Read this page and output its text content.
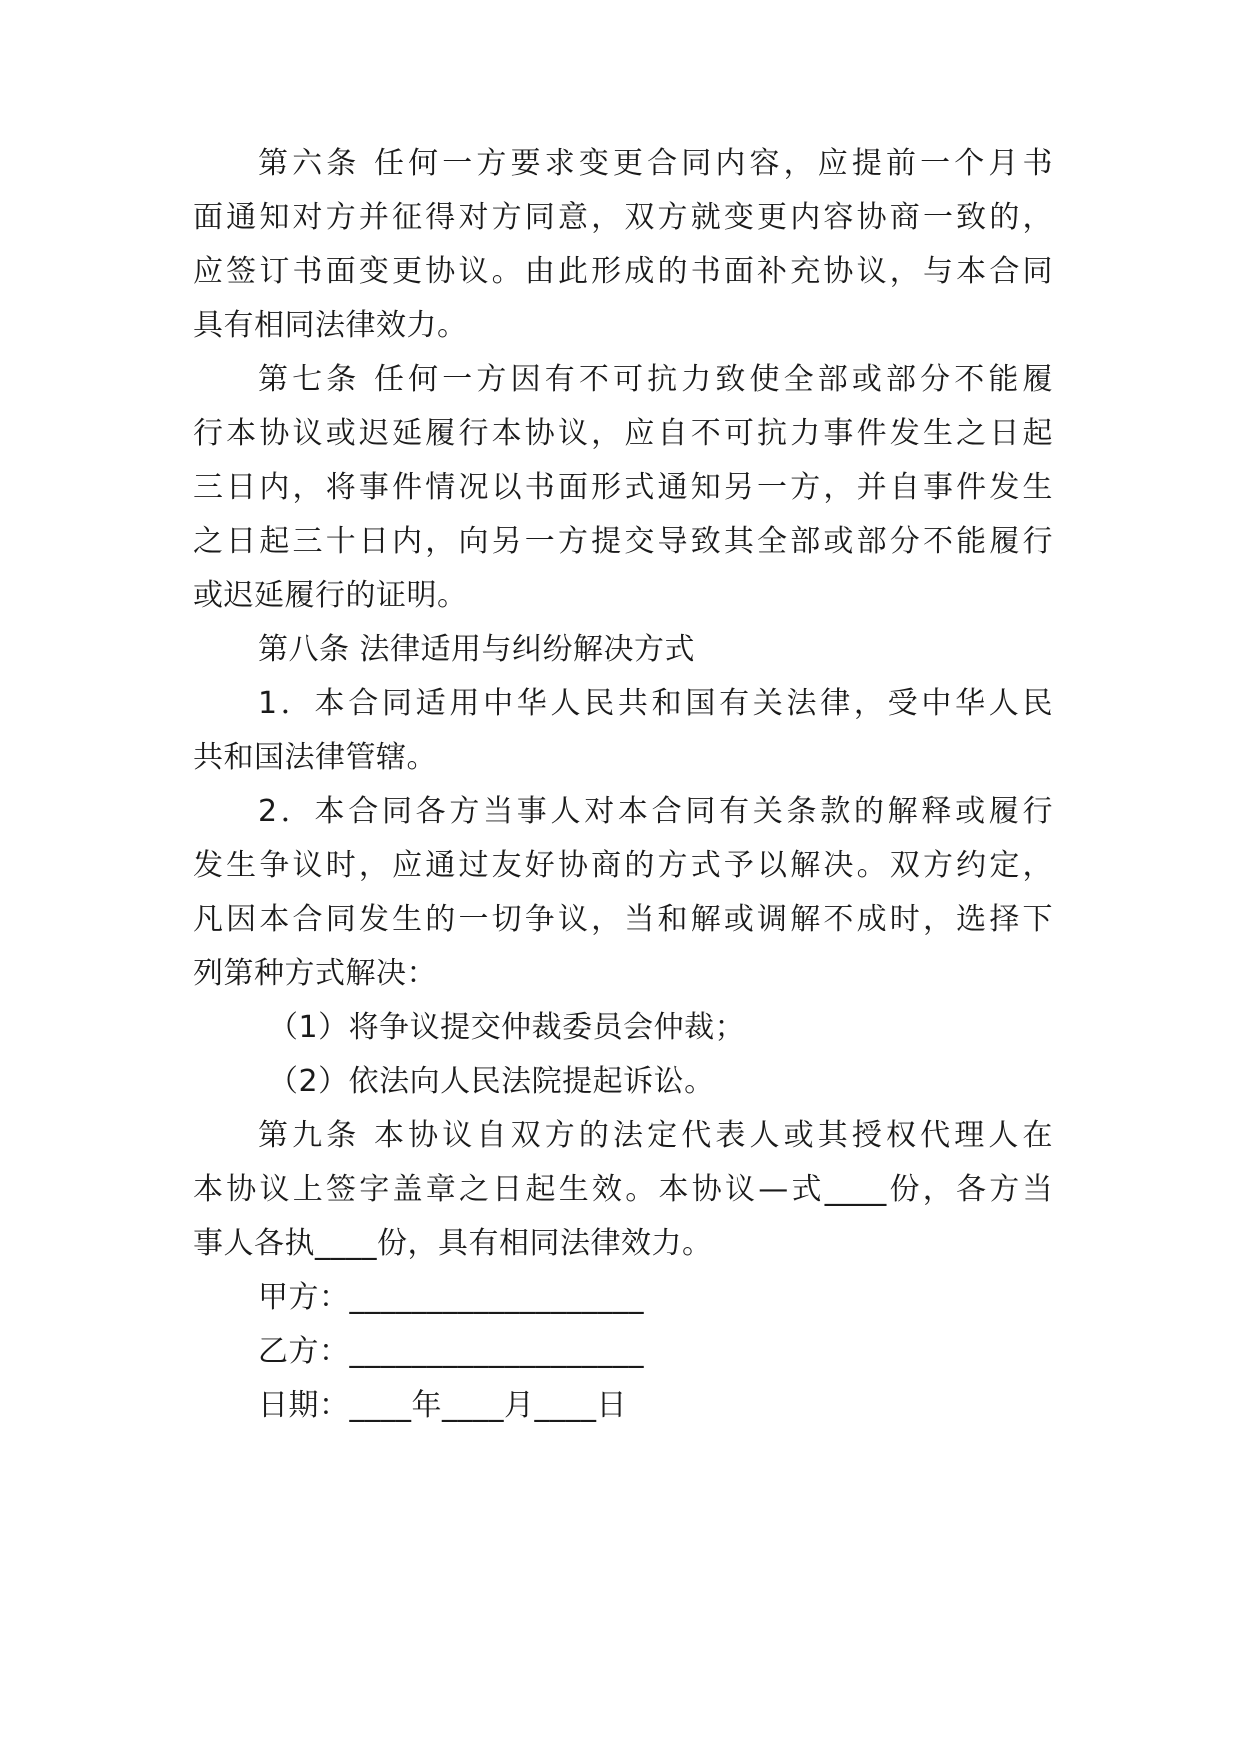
第六条 任何一方要求变更合同内容，应提前一个月书
面通知对方并征得对方同意，双方就变更内容协商一致的，
应签订书面变更协议。由此形成的书面补充协议，与本合同
具有相同法律效力。
第七条 任何一方因有不可抗力致使全部或部分不能履
行本协议或迟延履行本协议，应自不可抗力事件发生之日起
三日内，将事件情况以书面形式通知另一方，并自事件发生
之日起三十日内，向另一方提交导致其全部或部分不能履行
或迟延履行的证明。
第八条 法律适用与纠纷解决方式
1．本合同适用中华人民共和国有关法律，受中华人民
共和国法律管辖。
2．本合同各方当事人对本合同有关条款的解释或履行
发生争议时，应通过友好协商的方式予以解决。双方约定，
凡因本合同发生的一切争议，当和解或调解不成时，选择下
列第种方式解决：
（1）将争议提交仲裁委员会仲裁；
（2）依法向人民法院提起诉讼。
第九条 本协议自双方的法定代表人或其授权代理人在
本协议上签字盖章之日起生效。本协议—式____份，各方当
事人各执____份，具有相同法律效力。
甲方：___________________
乙方：___________________
日期：____年____月____日
